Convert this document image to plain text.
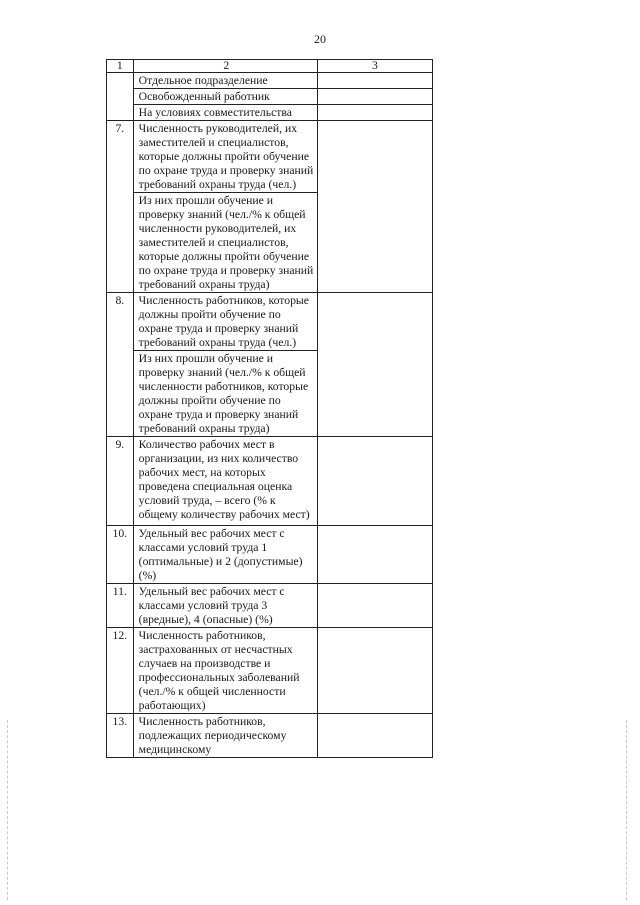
20
1	2	3

	Отдельное подразделение	

	Освобожденный работник	

	На условиях совместительства	

7.	Численность руководителей, их заместителей и специалистов, которые должны пройти обучение по охране труда и проверку знаний требований охраны труда (чел.)	

	Из них прошли обучение и проверку знаний (чел./% к общей численности руководителей, их заместителей и специалистов, которые должны пройти обучение по охране труда и проверку знаний требований охраны труда)	

8.	Численность работников, которые должны пройти обучение по охране труда и проверку знаний требований охраны труда (чел.)	

	Из них прошли обучение и проверку знаний (чел./% к общей численности работников, которые должны пройти обучение по охране труда и проверку знаний требований охраны труда)	

9.	Количество рабочих мест в организации, из них количество рабочих мест, на которых проведена специальная оценка условий труда, – всего (% к общему количеству рабочих мест)	

10.	Удельный вес рабочих мест с классами условий труда 1 (оптимальные) и 2 (допустимые) (%)	

11.	Удельный вес рабочих мест с классами условий труда 3 (вредные), 4 (опасные) (%)	

12.	Численность работников, застрахованных от несчастных случаев на производстве и профессиональных заболеваний (чел./% к общей численности работающих)	

13.	Численность работников, подлежащих периодическому медицинскому	
